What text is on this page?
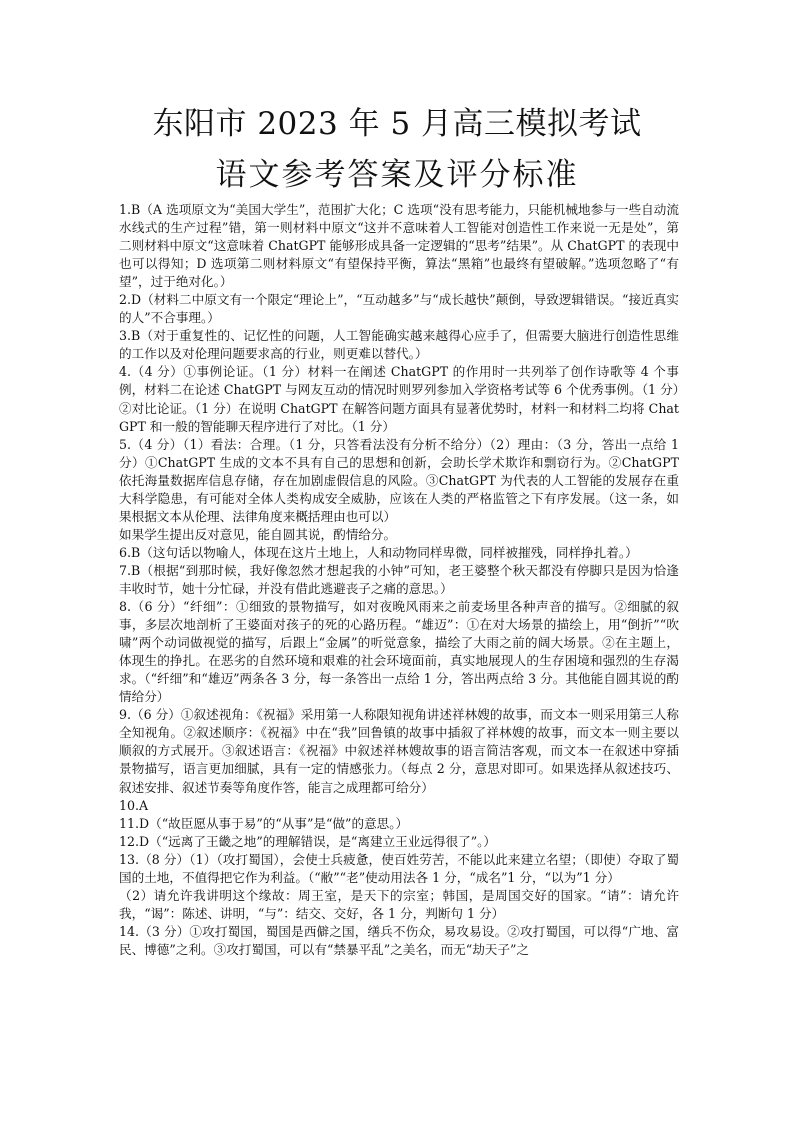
东阳市 2023 年 5 月高三模拟考试
语文参考答案及评分标准

1.B（A 选项原文为“美国大学生”，范围扩大化；C 选项“没有思考能力，只能机械地参与一些自动流水线式的生产过程”错，第一则材料中原文“这并不意味着人工智能对创造性工作来说一无是处”，第二则材料中原文“这意味着 ChatGPT 能够形成具备一定逻辑的“思考”结果”。从 ChatGPT 的表现中也可以得知；D 选项第二则材料原文“有望保持平衡，算法“黑箱”也最终有望破解。”选项忽略了“有望”，过于绝对化。）

2.D（材料二中原文有一个限定“理论上”，“互动越多”与“成长越快”颠倒，导致逻辑错误。“接近真实的人”不合事理。）

3.B（对于重复性的、记忆性的问题，人工智能确实越来越得心应手了，但需要大脑进行创造性思维的工作以及对伦理问题要求高的行业，则更难以替代。）

4.（4 分）①事例论证。（1 分）材料一在阐述 ChatGPT 的作用时一共列举了创作诗歌等 4 个事例，材料二在论述 ChatGPT 与网友互动的情况时则罗列参加入学资格考试等 6 个优秀事例。（1 分）②对比论证。（1 分）在说明 ChatGPT 在解答问题方面具有显著优势时，材料一和材料二均将 ChatGPT 和一般的智能聊天程序进行了对比。（1 分）

5.（4 分）（1）看法：合理。（1 分，只答看法没有分析不给分）（2）理由：（3 分，答出一点给 1 分）①ChatGPT 生成的文本不具有自己的思想和创新，会助长学术欺诈和剽窃行为。②ChatGPT 依托海量数据库信息存储，存在加剧虚假信息的风险。③ChatGPT 为代表的人工智能的发展存在重大科学隐患，有可能对全体人类构成安全威胁，应该在人类的严格监管之下有序发展。（这一条，如果根据文本从伦理、法律角度来概括理由也可以）

如果学生提出反对意见，能自圆其说，酌情给分。

6.B（这句话以物喻人，体现在这片土地上，人和动物同样卑微，同样被摧残，同样挣扎着。）

7.B（根据“到那时候，我好像忽然才想起我的小钟”可知，老王婆整个秋天都没有停脚只是因为恰逢丰收时节，她十分忙碌，并没有借此逃避丧子之痛的意思。）

8.（6 分）“纤细”：①细致的景物描写，如对夜晚风雨来之前麦场里各种声音的描写。②细腻的叙事，多层次地剖析了王婆面对孩子的死的心路历程。“雄迈”：①在对大场景的描绘上，用“倒折”“吹啸”两个动词做视觉的描写，后跟上“金属”的听觉意象，描绘了大雨之前的阔大场景。②在主题上，体现生的挣扎。在恶劣的自然环境和艰难的社会环境面前，真实地展现人的生存困境和强烈的生存渴求。（“纤细”和“雄迈”两条各 3 分，每一条答出一点给 1 分，答出两点给 3 分。其他能自圆其说的酌情给分）

9.（6 分）①叙述视角：《祝福》采用第一人称限知视角讲述祥林嫂的故事，而文本一则采用第三人称全知视角。②叙述顺序：《祝福》中在“我”回鲁镇的故事中插叙了祥林嫂的故事，而文本一则主要以顺叙的方式展开。③叙述语言：《祝福》中叙述祥林嫂故事的语言简洁客观，而文本一在叙述中穿插景物描写，语言更加细腻，具有一定的情感张力。（每点 2 分，意思对即可。如果选择从叙述技巧、叙述安排、叙述节奏等角度作答，能言之成理都可给分）

10.A

11.D（“故臣愿从事于易”的“从事”是“做”的意思。）

12.D（“远离了王畿之地”的理解错误，是“离建立王业远得很了”。）

13.（8 分）（1）（攻打蜀国），会使士兵疲惫，使百姓劳苦，不能以此来建立名望；（即使）夺取了蜀国的土地，不值得把它作为利益。（“敝”“老”使动用法各 1 分，“成名”1 分，“以为”1 分）

（2）请允许我讲明这个缘故：周王室，是天下的宗室；韩国，是周国交好的国家。“请”：请允许我，“谒”：陈述、讲明，“与”：结交、交好，各 1 分，判断句 1 分）

14.（3 分）①攻打蜀国，蜀国是西僻之国，缮兵不伤众，易攻易设。②攻打蜀国，可以得“广地、富民、博德”之利。③攻打蜀国，可以有“禁暴平乱”之美名，而无“劫天子”之
